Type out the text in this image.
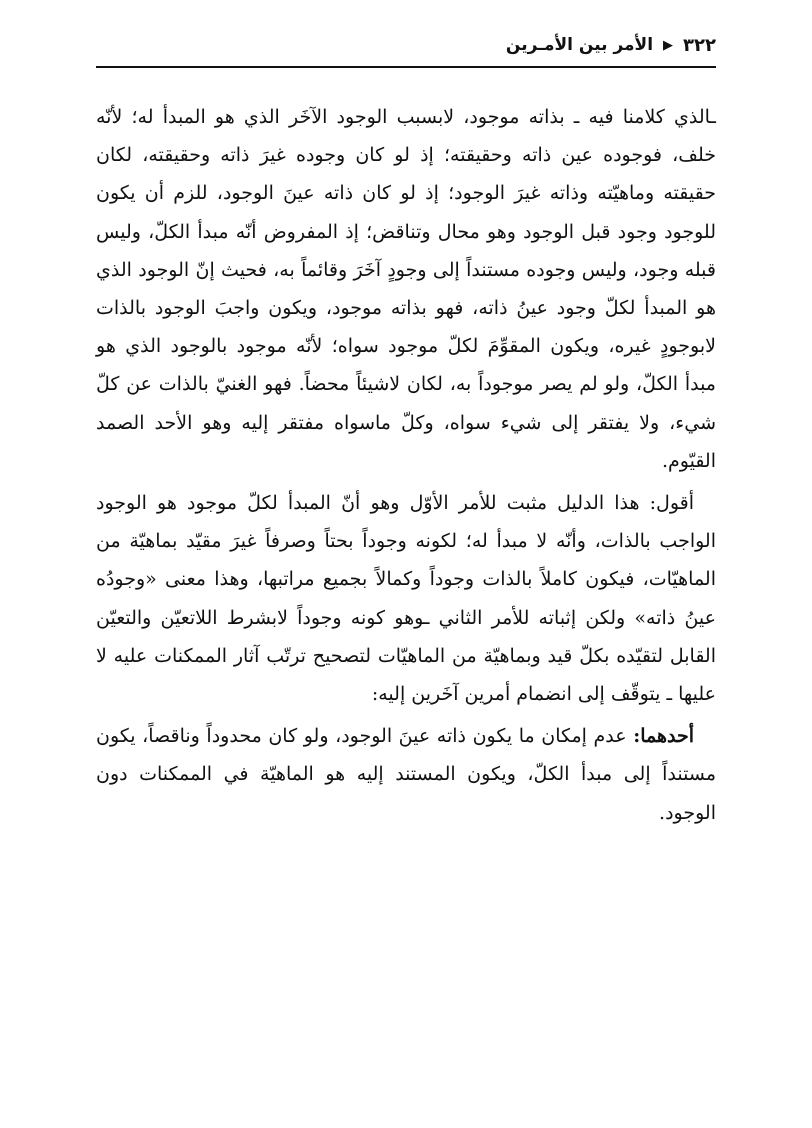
٣٢٢
▶
الأمر بين الأمـرين

ـالذي كلامنا فيه ـ بذاته موجود، لابسبب الوجود الآخَر الذي هو المبدأ له؛ لأنّه خلف، فوجوده عين ذاته وحقيقته؛ إذ لو كان وجوده غيرَ ذاته وحقيقته، لكان حقيقته وماهيّته وذاته غيرَ الوجود؛ إذ لو كان ذاته عينَ الوجود، للزم أن يكون للوجود وجود قبل الوجود وهو محال وتناقض؛ إذ المفروض أنّه مبدأ الكلّ، وليس قبله وجود، وليس وجوده مستنداً إلى وجودٍ آخَرَ وقائماً به، فحيث إنّ الوجود الذي هو المبدأ لكلّ وجود عينُ ذاته، فهو بذاته موجود، ويكون واجبَ الوجود بالذات لابوجودٍ غيره، ويكون المقوِّمَ لكلّ موجود سواه؛ لأنّه موجود بالوجود الذي هو مبدأ الكلّ، ولو لم يصر موجوداً به، لكان لاشيئاً محضاً. فهو الغنيّ بالذات عن كلّ شيء، ولا يفتقر إلى شيء سواه، وكلّ ماسواه مفتقر إليه وهو الأحد الصمد القيّوم.

أقول: هذا الدليل مثبت للأمر الأوّل وهو أنّ المبدأ لكلّ موجود هو الوجود الواجب بالذات، وأنّه لا مبدأ له؛ لكونه وجوداً بحتاً وصرفاً غيرَ مقيّد بماهيّة من الماهيّات، فيكون كاملاً بالذات وجوداً وكمالاً بجميع مراتبها، وهذا معنى «وجودُه عينُ ذاته» ولكن إثباته للأمر الثاني ـوهو كونه وجوداً لابشرط اللاتعيّن والتعيّن القابل لتقيّده بكلّ قيد وبماهيّة من الماهيّات لتصحيح ترتّب آثار الممكنات عليه لا عليها ـ يتوقّف إلى انضمام أمرين آخَرين إليه:

أحدهما: عدم إمكان ما يكون ذاته عينَ الوجود، ولو كان محدوداً وناقصاً، يكون مستنداً إلى مبدأ الكلّ، ويكون المستند إليه هو الماهيّة في الممكنات دون الوجود.
